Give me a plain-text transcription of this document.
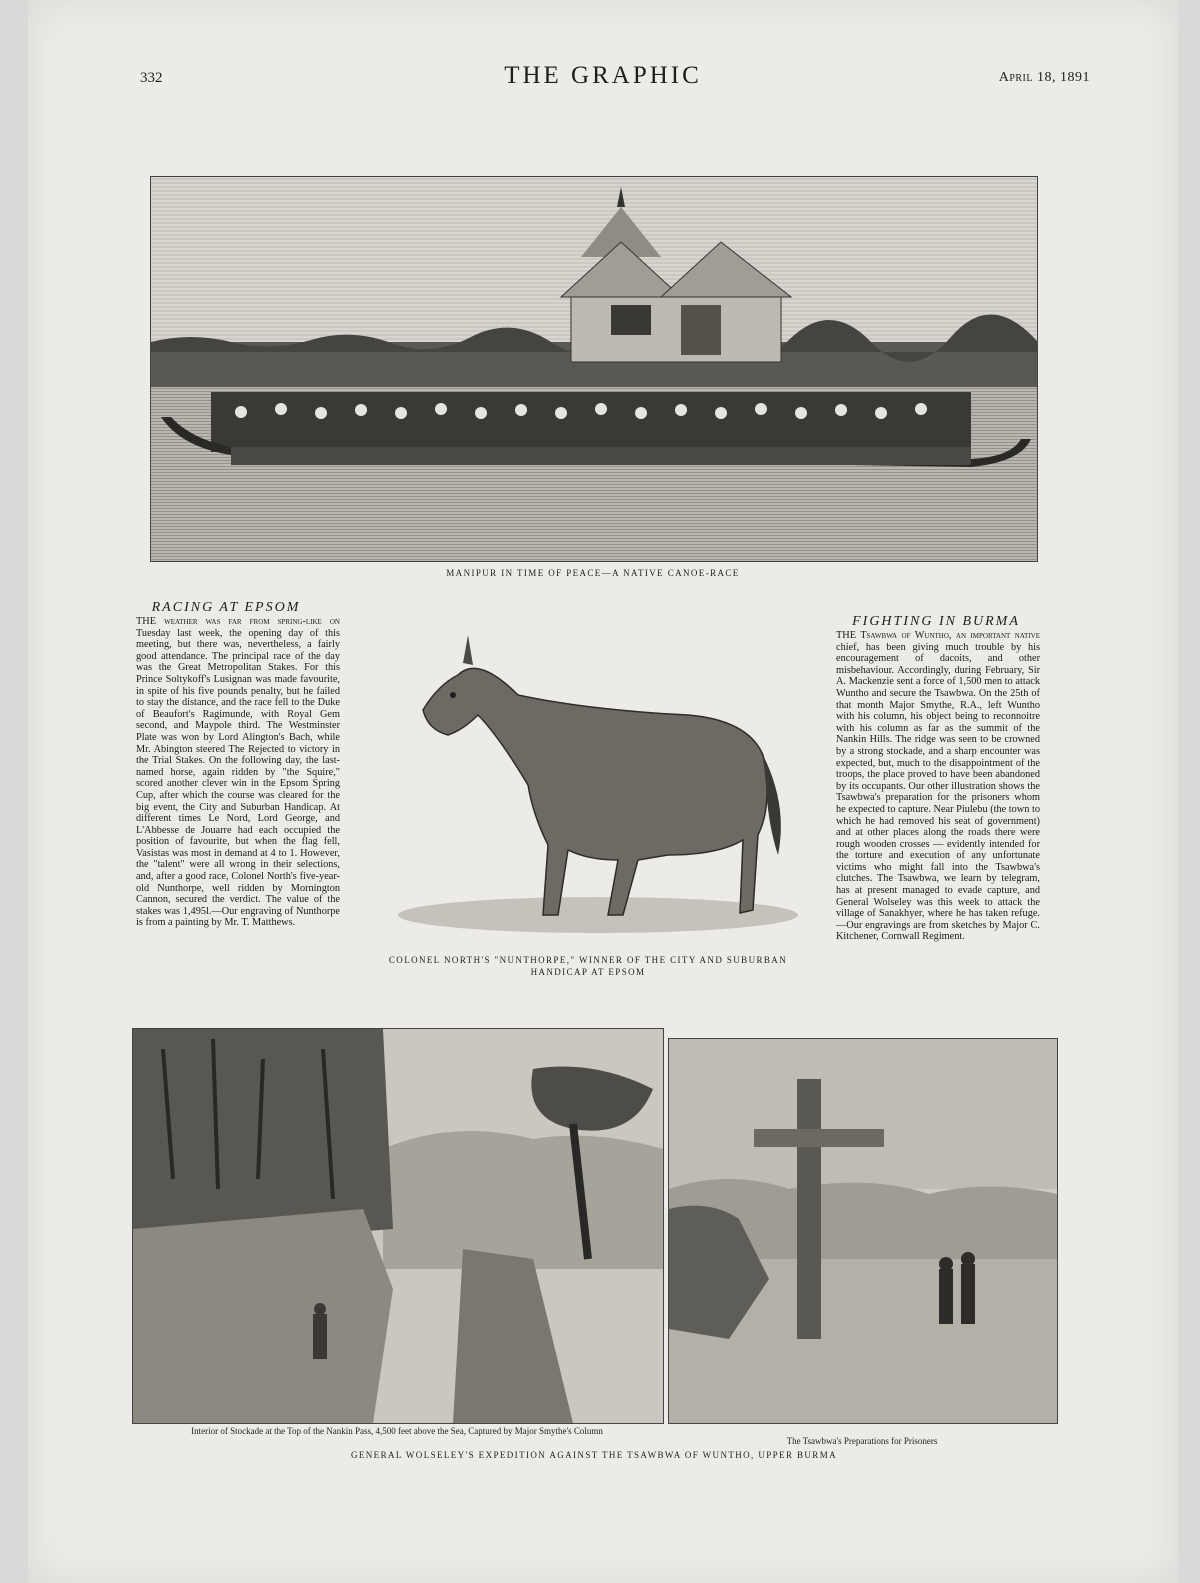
332	THE GRAPHIC	April 18, 1891
MANIPUR IN TIME OF PEACE—A NATIVE CANOE-RACE
RACING AT EPSOM
THE weather was far from spring-like on Tuesday last week, the opening day of this meeting, but there was, nevertheless, a fairly good attendance. The principal race of the day was the Great Metropolitan Stakes. For this Prince Soltykoff's Lusignan was made favourite, in spite of his five pounds penalty, but he failed to stay the distance, and the race fell to the Duke of Beaufort's Ragimunde, with Royal Gem second, and Maypole third. The Westminster Plate was won by Lord Alington's Bach, while Mr. Abington steered The Rejected to victory in the Trial Stakes. On the following day, the last-named horse, again ridden by "the Squire," scored another clever win in the Epsom Spring Cup, after which the course was cleared for the big event, the City and Suburban Handicap. At different times Le Nord, Lord George, and L'Abbesse de Jouarre had each occupied the position of favourite, but when the flag fell, Vasistas was most in demand at 4 to 1. However, the "talent" were all wrong in their selections, and, after a good race, Colonel North's five-year-old Nunthorpe, well ridden by Mornington Cannon, secured the verdict. The value of the stakes was 1,495l.—Our engraving of Nunthorpe is from a painting by Mr. T. Matthews.
COLONEL NORTH'S "NUNTHORPE," WINNER OF THE CITY AND SUBURBAN
HANDICAP AT EPSOM
FIGHTING IN BURMA
THE Tsawbwa of Wuntho, an important native chief, has been giving much trouble by his encouragement of dacoits, and other misbehaviour. Accordingly, during February, Sir A. Mackenzie sent a force of 1,500 men to attack Wuntho and secure the Tsawbwa. On the 25th of that month Major Smythe, R.A., left Wuntho with his column, his object being to reconnoitre with his column as far as the summit of the Nankin Hills. The ridge was seen to be crowned by a strong stockade, and a sharp encounter was expected, but, much to the disappointment of the troops, the place proved to have been abandoned by its occupants. Our other illustration shows the Tsawbwa's preparation for the prisoners whom he expected to capture. Near Piulebu (the town to which he had removed his seat of government) and at other places along the roads there were rough wooden crosses — evidently intended for the torture and execution of any unfortunate victims who might fall into the Tsawbwa's clutches. The Tsawbwa, we learn by telegram, has at present managed to evade capture, and General Wolseley was this week to attack the village of Sanakhyer, where he has taken refuge.—Our engravings are from sketches by Major C. Kitchener, Cornwall Regiment.
Interior of Stockade at the Top of the Nankin Pass, 4,500 feet above the Sea, Captured by Major Smythe's Column
The Tsawbwa's Preparations for Prisoners
GENERAL WOLSELEY'S EXPEDITION AGAINST THE TSAWBWA OF WUNTHO, UPPER BURMA
